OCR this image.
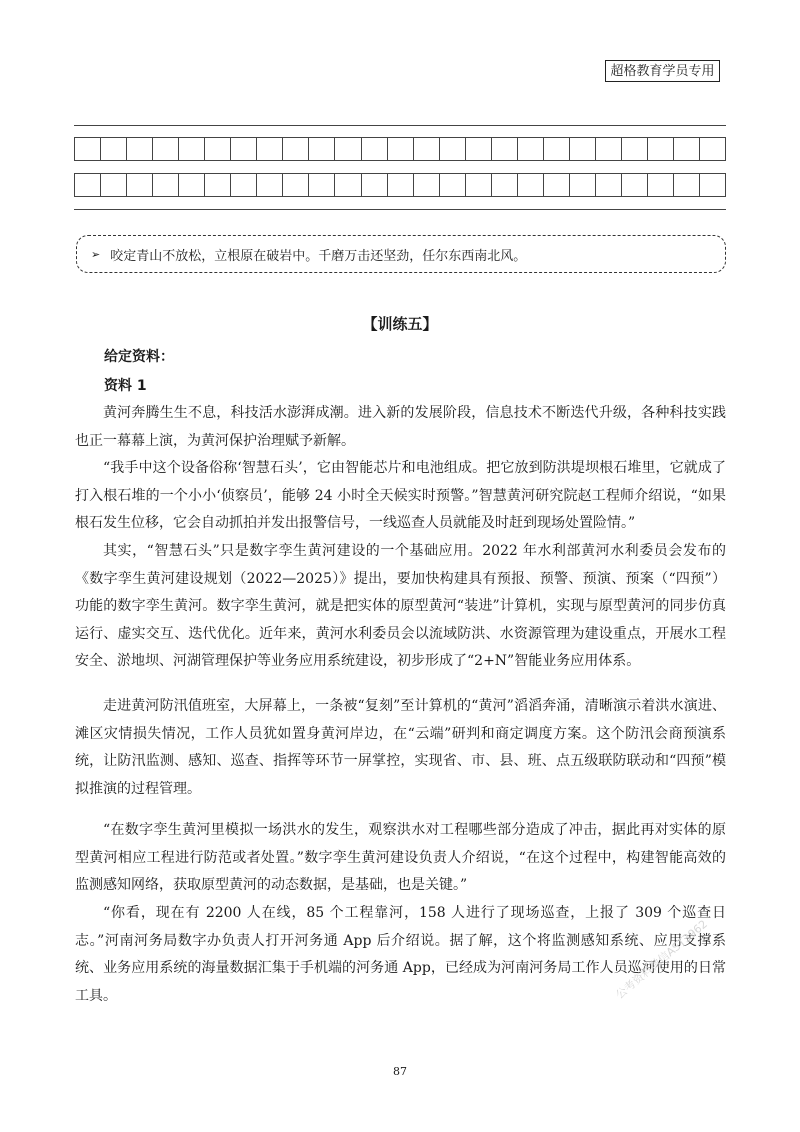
超格教育学员专用
➢ 咬定青山不放松，立根原在破岩中。千磨万击还坚劲，任尔东西南北风。
【训练五】
给定资料：
资料 1

黄河奔腾生生不息，科技活水澎湃成潮。进入新的发展阶段，信息技术不断迭代升级，各种科技实践也正一幕幕上演，为黄河保护治理赋予新解。

“我手中这个设备俗称‘智慧石头’，它由智能芯片和电池组成。把它放到防洪堤坝根石堆里，它就成了打入根石堆的一个小小‘侦察员’，能够 24 小时全天候实时预警。”智慧黄河研究院赵工程师介绍说，“如果根石发生位移，它会自动抓拍并发出报警信号，一线巡查人员就能及时赶到现场处置险情。”

其实，“智慧石头”只是数字孪生黄河建设的一个基础应用。2022 年水利部黄河水利委员会发布的《数字孪生黄河建设规划（2022—2025）》提出，要加快构建具有预报、预警、预演、预案（“四预”）功能的数字孪生黄河。数字孪生黄河，就是把实体的原型黄河“装进”计算机，实现与原型黄河的同步仿真运行、虚实交互、迭代优化。近年来，黄河水利委员会以流域防洪、水资源管理为建设重点，开展水工程安全、淤地坝、河湖管理保护等业务应用系统建设，初步形成了“2+N”智能业务应用体系。

走进黄河防汛值班室，大屏幕上，一条被“复刻”至计算机的“黄河”滔滔奔涌，清晰演示着洪水演进、滩区灾情损失情况，工作人员犹如置身黄河岸边，在“云端”研判和商定调度方案。这个防汛会商预演系统，让防汛监测、感知、巡查、指挥等环节一屏掌控，实现省、市、县、班、点五级联防联动和“四预”模拟推演的过程管理。

“在数字孪生黄河里模拟一场洪水的发生，观察洪水对工程哪些部分造成了冲击，据此再对实体的原型黄河相应工程进行防范或者处置。”数字孪生黄河建设负责人介绍说，“在这个过程中，构建智能高效的监测感知网络，获取原型黄河的动态数据，是基础，也是关键。”

“你看，现在有 2200 人在线，85 个工程靠河，158 人进行了现场巡查，上报了 309 个巡查日志。”河南河务局数字办负责人打开河务通 App 后介绍说。据了解，这个将监测感知系统、应用支撑系统、业务应用系统的海量数据汇集于手机端的河务通 App，已经成为河南河务局工作人员巡河使用的日常工具。

87
公考资料微信AST3962
